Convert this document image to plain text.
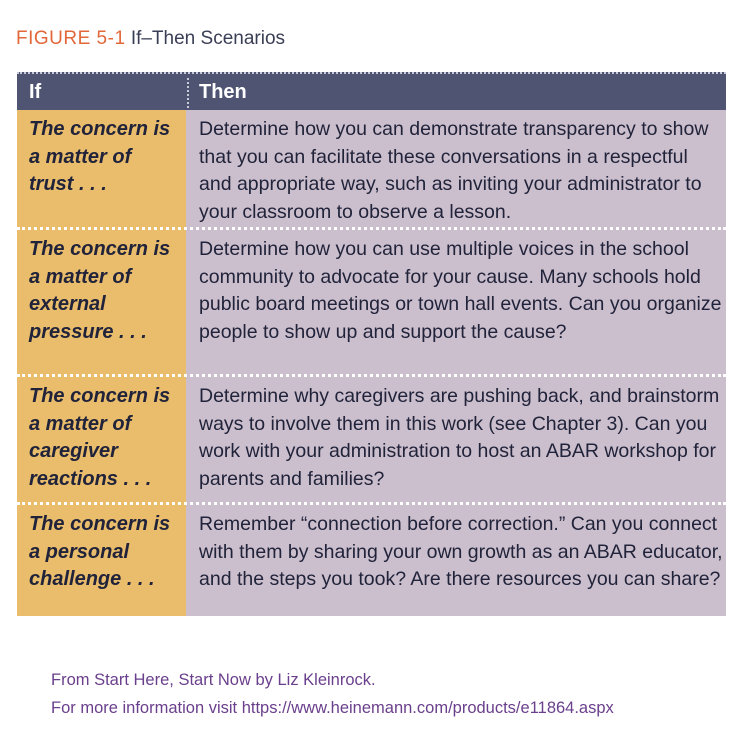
FIGURE 5-1 If–Then Scenarios
If	Then
The concern is a matter of trust . . .
Determine how you can demonstrate transparency to show that you can facilitate these conversations in a respectful and appropriate way, such as inviting your administrator to your classroom to observe a lesson.
The concern is a matter of external pressure . . .
Determine how you can use multiple voices in the school community to advocate for your cause. Many schools hold public board meetings or town hall events. Can you organize people to show up and support the cause?
The concern is a matter of caregiver reactions . . .
Determine why caregivers are pushing back, and brainstorm ways to involve them in this work (see Chapter 3). Can you work with your administration to host an ABAR workshop for parents and families?
The concern is a personal challenge . . .
Remember “connection before correction.” Can you connect with them by sharing your own growth as an ABAR educator, and the steps you took? Are there resources you can share?
From Start Here, Start Now by Liz Kleinrock.
For more information visit https://www.heinemann.com/products/e11864.aspx
